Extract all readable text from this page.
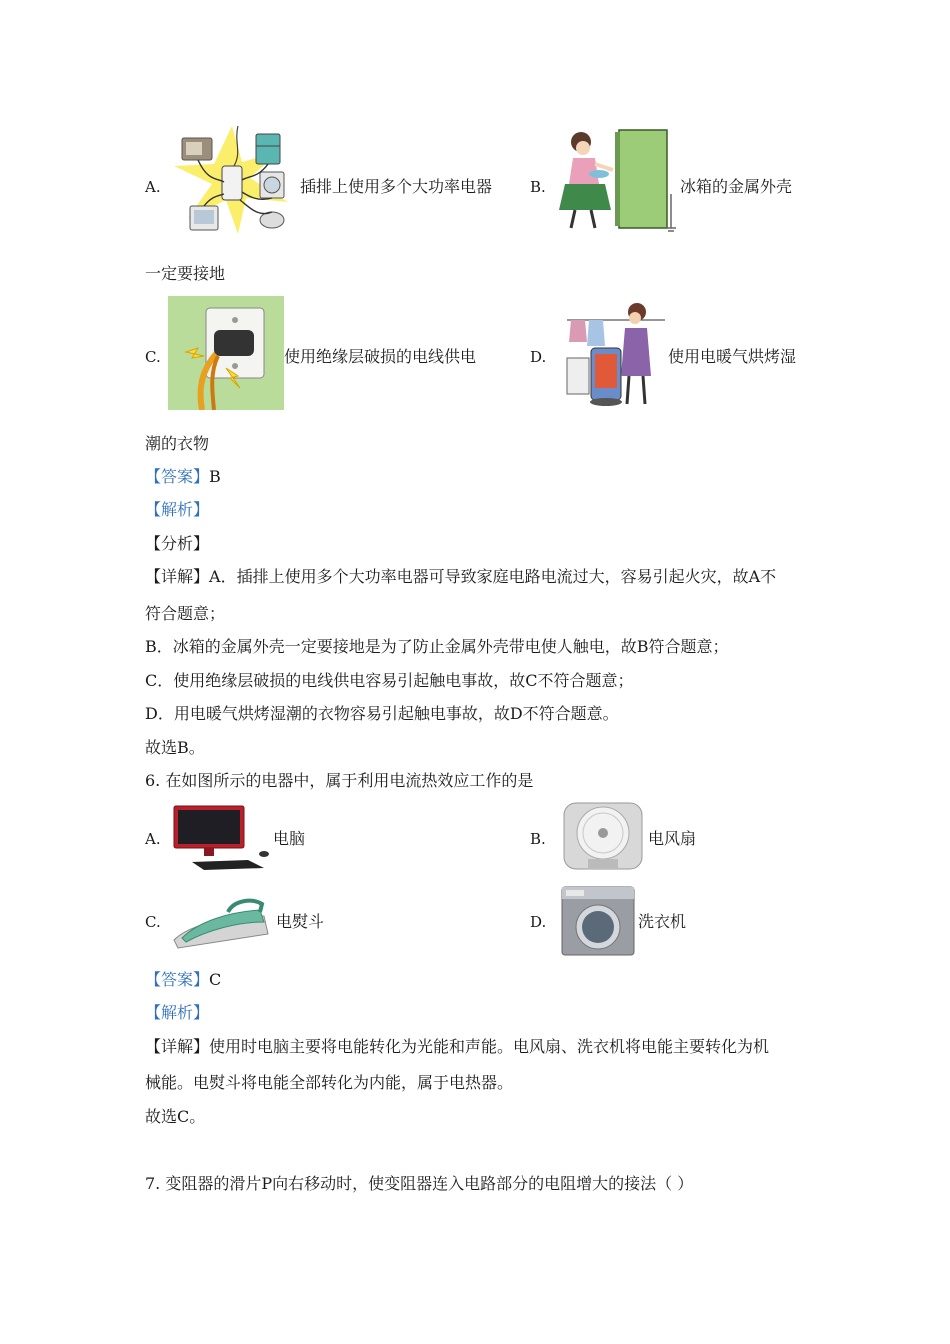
A.	插排上使用多个大功率电器	B.	冰箱的金属外壳
一定要接地
C.	使用绝缘层破损的电线供电	D.	使用电暖气烘烤湿
潮的衣物
【答案】B
【解析】
【分析】
【详解】A．插排上使用多个大功率电器可导致家庭电路电流过大，容易引起火灾，故A不
符合题意；
B．冰箱的金属外壳一定要接地是为了防止金属外壳带电使人触电，故B符合题意；
C．使用绝缘层破损的电线供电容易引起触电事故，故C不符合题意；
D．用电暖气烘烤湿潮的衣物容易引起触电事故，故D不符合题意。
故选B。
6. 在如图所示的电器中，属于利用电流热效应工作的是
A.	电脑	B.	电风扇
C.	电熨斗	D.	洗衣机
【答案】C
【解析】
【详解】使用时电脑主要将电能转化为光能和声能。电风扇、洗衣机将电能主要转化为机
械能。电熨斗将电能全部转化为内能，属于电热器。
故选C。
7. 变阻器的滑片P向右移动时，使变阻器连入电路部分的电阻增大的接法（ ）
